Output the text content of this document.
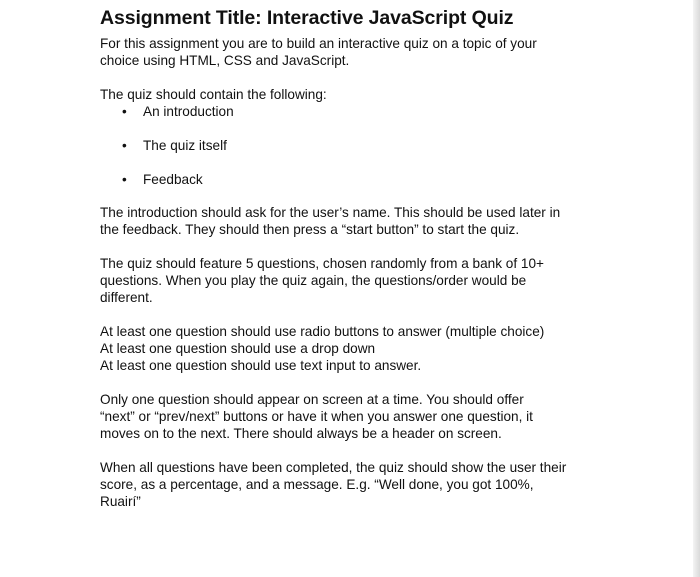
Assignment Title: Interactive JavaScript Quiz

For this assignment you are to build an interactive quiz on a topic of your
choice using HTML, CSS and JavaScript.

The quiz should contain the following:

• An introduction
• The quiz itself
• Feedback

The introduction should ask for the user’s name. This should be used later in
the feedback. They should then press a “start button” to start the quiz.

The quiz should feature 5 questions, chosen randomly from a bank of 10+
questions. When you play the quiz again, the questions/order would be
different.

At least one question should use radio buttons to answer (multiple choice)
At least one question should use a drop down
At least one question should use text input to answer.

Only one question should appear on screen at a time. You should offer
“next” or “prev/next” buttons or have it when you answer one question, it
moves on to the next. There should always be a header on screen.

When all questions have been completed, the quiz should show the user their
score, as a percentage, and a message. E.g. “Well done, you got 100%,
Ruairí”
